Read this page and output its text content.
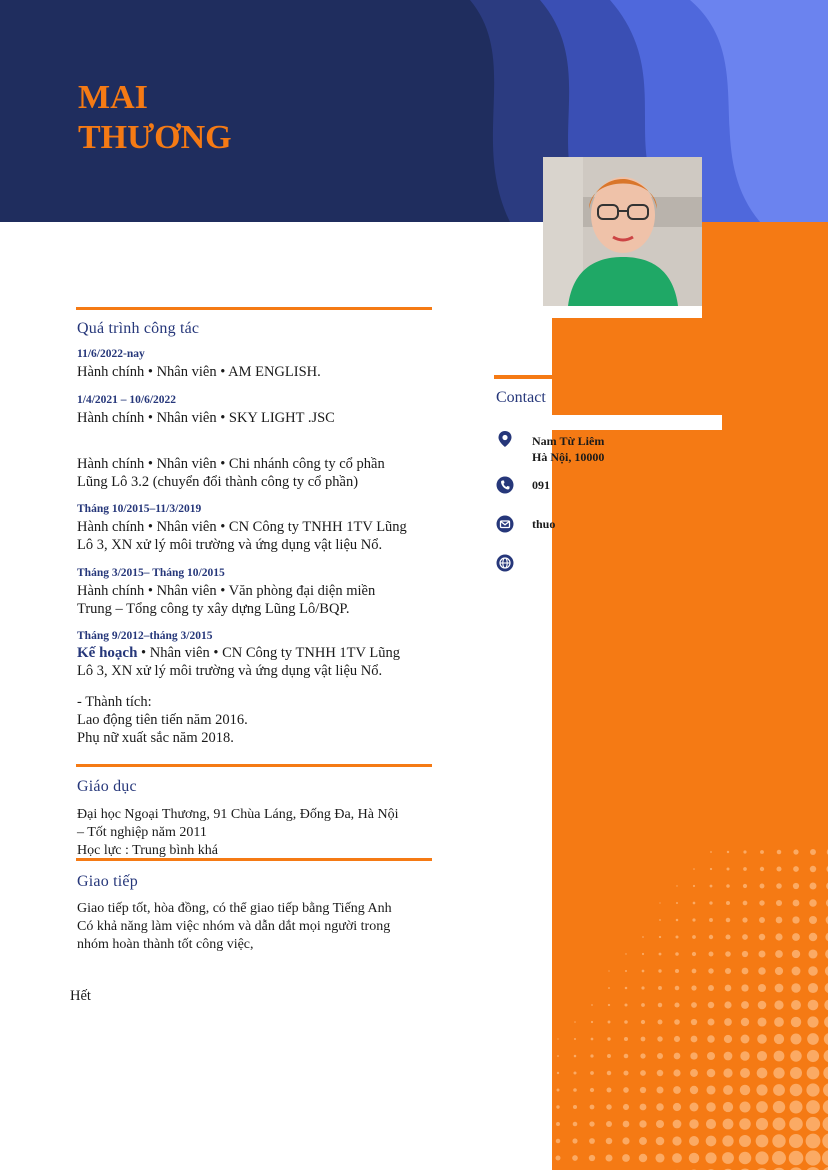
MAI
THƯƠNG
Quá trình công tác
11/6/2022-nay
Hành chính • Nhân viên • AM ENGLISH.
1/4/2021 – 10/6/2022
Hành chính • Nhân viên • SKY LIGHT .JSC
Hành chính • Nhân viên • Chi nhánh công ty cổ phần
Lũng Lô 3.2 (chuyển đổi thành công ty cổ phần)
Tháng 10/2015–11/3/2019
Hành chính • Nhân viên • CN Công ty TNHH 1TV Lũng
Lô 3, XN xử lý môi trường và ứng dụng vật liệu Nổ.
Tháng 3/2015– Tháng 10/2015
Hành chính • Nhân viên • Văn phòng đại diện miền
Trung – Tổng công ty xây dựng Lũng Lô/BQP.
Tháng 9/2012–tháng 3/2015
Kế hoạch • Nhân viên • CN Công ty TNHH 1TV Lũng
Lô 3, XN xử lý môi trường và ứng dụng vật liệu Nổ.
- Thành tích:
Lao động tiên tiến năm 2016.
Phụ nữ xuất sắc năm 2018.
Giáo dục
Đại học Ngoại Thương, 91 Chùa Láng, Đống Đa, Hà Nội
– Tốt nghiệp năm 2011
Học lực : Trung bình khá
Giao tiếp
Giao tiếp tốt, hòa đồng, có thể giao tiếp bằng Tiếng Anh
Có khả năng làm việc nhóm và dẫn dắt mọi người trong
nhóm hoàn thành tốt công việc,
Hết
Contact
Nam Từ Liêm
Hà Nội, 10000
091
thuo
